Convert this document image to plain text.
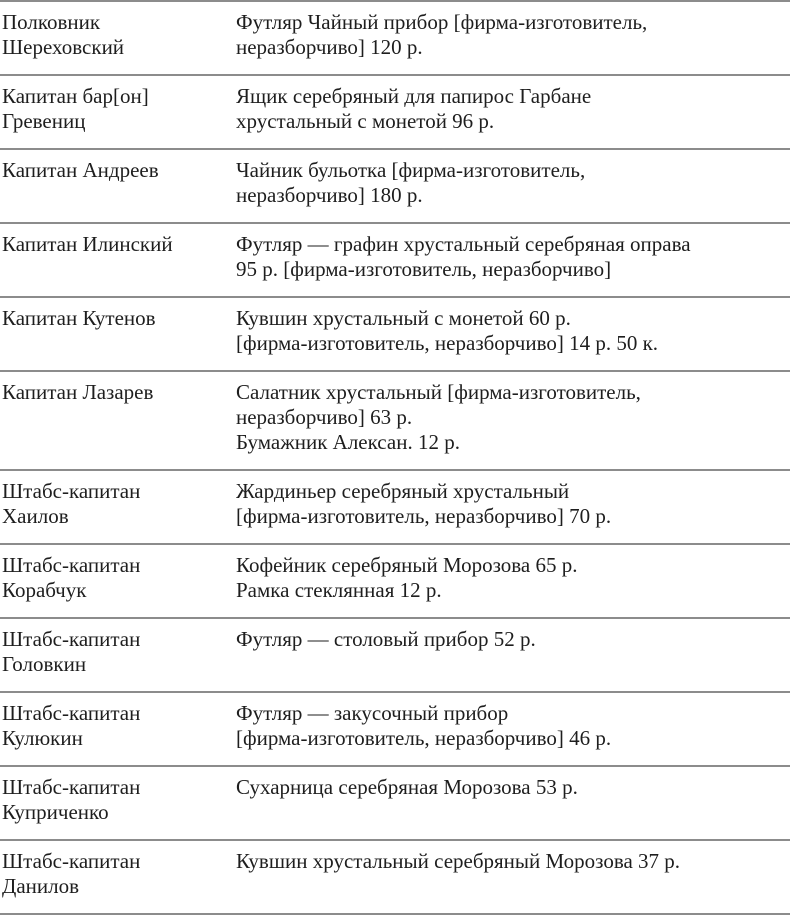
Полковник
Шереховский	Футляр Чайный прибор [фирма-изготовитель,
неразборчиво] 120 р.

Капитан бар[он]
Гревениц	Ящик серебряный для папирос Гарбане
хрустальный с монетой 96 р.

Капитан Андреев	Чайник бульотка [фирма-изготовитель,
неразборчиво] 180 р.

Капитан Илинский	Футляр — графин хрустальный серебряная оправа
95 р. [фирма-изготовитель, неразборчиво]

Капитан Кутенов	Кувшин хрустальный с монетой 60 р.
[фирма-изготовитель, неразборчиво] 14 р. 50 к.

Капитан Лазарев	Салатник хрустальный [фирма-изготовитель,
неразборчиво] 63 р.
Бумажник Алексан. 12 р.

Штабс-капитан
Хаилов	Жардиньер серебряный хрустальный
[фирма-изготовитель, неразборчиво] 70 р.

Штабс-капитан
Корабчук	Кофейник серебряный Морозова 65 р.
Рамка стеклянная 12 р.

Штабс-капитан
Головкин	Футляр — столовый прибор 52 р.

Штабс-капитан
Кулюкин	Футляр — закусочный прибор
[фирма-изготовитель, неразборчиво] 46 р.

Штабс-капитан
Куприченко	Сухарница серебряная Морозова 53 р.

Штабс-капитан
Данилов	Кувшин хрустальный серебряный Морозова 37 р.
